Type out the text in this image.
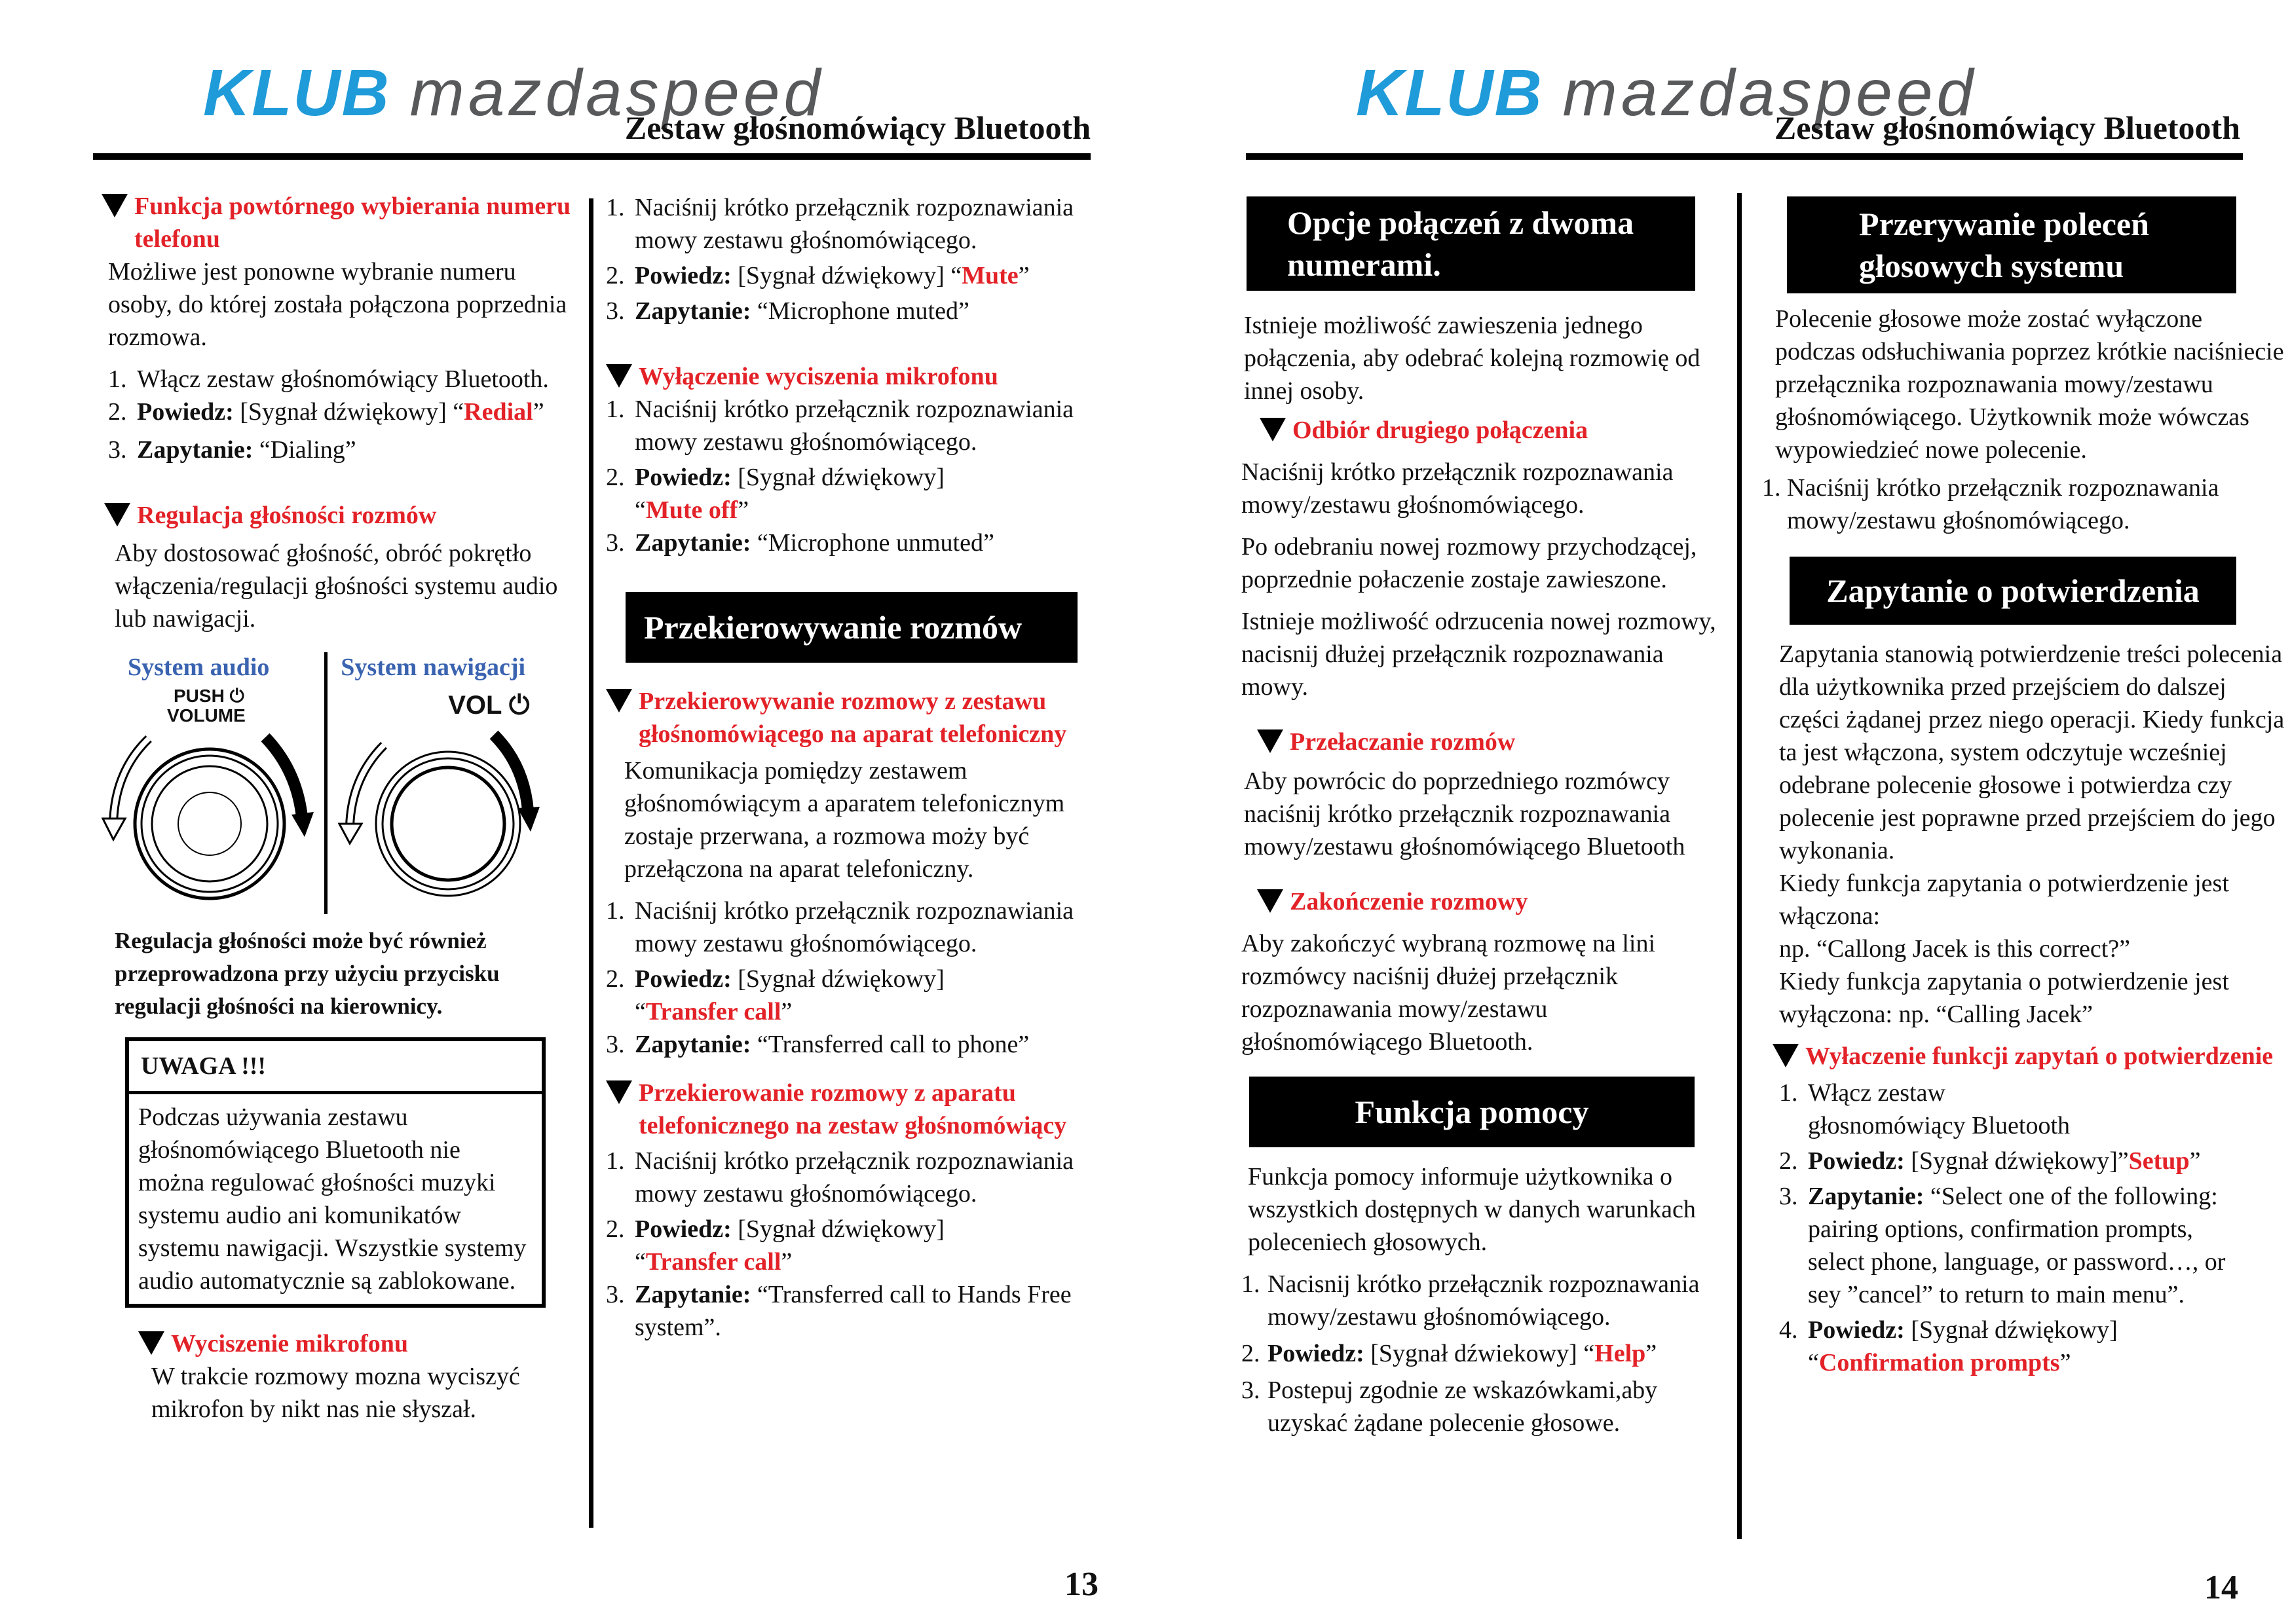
KLUB mazdaspeed
Zestaw głośnomówiący Bluetooth	KLUB mazdaspeed
Zestaw głośnomówiący Bluetooth
Funkcja powtórnego wybierania numeru telefonu

Możliwe jest ponowne wybranie numeru osoby, do której została połączona poprzednia rozmowa.

1. Włącz zestaw głośnomówiący Bluetooth.
2. Powiedz: [Sygnał dźwiękowy] “Redial”
3. Zapytanie: “Dialing”
Regulacja głośności rozmów

Aby dostosować głośność, obróć pokrętło włączenia/regulacji głośności systemu audio lub nawigacji.

System audio
PUSH ⏻
VOLUME
System nawigacji
VOL ⏻
Regulacja głośności może być również przeprowadzona przy użyciu przycisku regulacji głośności na kierownicy.
UWAGA !!!
Podczas używania zestawu głośnomówiącego Bluetooth nie można regulować głośności muzyki systemu audio ani komunikatów systemu nawigacji. Wszystkie systemy audio automatycznie są zablokowane.
Wyciszenie mikrofonu

W trakcie rozmowy mozna wyciszyć mikrofon by nikt nas nie słyszał.

1. Naciśnij krótko przełącznik rozpoznawiania mowy zestawu głośnomówiącego.
2. Powiedz: [Sygnał dźwiękowy] “Mute”
3. Zapytanie: “Microphone muted”
Wyłączenie wyciszenia mikrofonu
1. Naciśnij krótko przełącznik rozpoznawiania mowy zestawu głośnomówiącego.
2. Powiedz: [Sygnał dźwiękowy] “Mute off”
3. Zapytanie: “Microphone unmuted”
Przekierowywanie rozmów
Przekierowywanie rozmowy z zestawu głośnomówiącego na aparat telefoniczny

Komunikacja pomiędzy zestawem głośnomówiącym a aparatem telefonicznym zostaje przerwana, a rozmowa moży być przełączona na aparat telefoniczny.

1. Naciśnij krótko przełącznik rozpoznawiania mowy zestawu głośnomówiącego.
2. Powiedz: [Sygnał dźwiękowy] “Transfer call”
3. Zapytanie: “Transferred call to phone”
Przekierowanie rozmowy z aparatu telefonicznego na zestaw głośnomówiący
1. Naciśnij krótko przełącznik rozpoznawiania mowy zestawu głośnomówiącego.
2. Powiedz: [Sygnał dźwiękowy] “Transfer call”
3. Zapytanie: “Transferred call to Hands Free system”.
13
Opcje połączeń z dwoma numerami.

Istnieje możliwość zawieszenia jednego połączenia, aby odebrać kolejną rozmowię od innej osoby.

Odbiór drugiego połączenia

Naciśnij krótko przełącznik rozpoznawania mowy/zestawu głośnomówiącego.

Po odebraniu nowej rozmowy przychodzącej, poprzednie połaczenie zostaje zawieszone.

Istnieje możliwość odrzucenia nowej rozmowy, nacisnij dłużej przełącznik rozpoznawania mowy.

Przełaczanie rozmów

Aby powrócic do poprzedniego rozmówcy naciśnij krótko przełącznik rozpoznawania mowy/zestawu głośnomówiącego Bluetooth

Zakończenie rozmowy

Aby zakończyć wybraną rozmowę na lini rozmówcy naciśnij dłużej przełącznik rozpoznawania mowy/zestawu głośnomówiącego Bluetooth.

Funkcja pomocy

Funkcja pomocy informuje użytkownika o wszystkich dostępnych w danych warunkach poleceniech głosowych.

1. Nacisnij krótko przełącznik rozpoznawania mowy/zestawu głośnomówiącego.
2. Powiedz: [Sygnał dźwiekowy] “Help”
3. Postepuj zgodnie ze wskazówkami,aby uzyskać żądane polecenie głosowe.
Przerywanie poleceń głosowych systemu

Polecenie głosowe może zostać wyłączone podczas odsłuchiwania poprzez krótkie naciśniecie przełącznika rozpoznawania mowy/zestawu głośnomówiącego. Użytkownik może wówczas wypowiedzieć nowe polecenie.

1. Naciśnij krótko przełącznik rozpoznawania mowy/zestawu głośnomówiącego.
Zapytanie o potwierdzenia

Zapytania stanowią potwierdzenie treści polecenia dla użytkownika przed przejściem do dalszej części żądanej przez niego operacji. Kiedy funkcja ta jest włączona, system odczytuje wcześniej odebrane polecenie głosowe i potwierdza czy polecenie jest poprawne przed przejściem do jego wykonania.

Kiedy funkcja zapytania o potwierdzenie jest włączona:

np. “Callong Jacek is this correct?”

Kiedy funkcja zapytania o potwierdzenie jest wyłączona: np. “Calling Jacek”

Wyłaczenie funkcji zapytań o potwierdzenie
1. Włącz zestaw głosnomówiący Bluetooth
2. Powiedz: [Sygnał dźwiękowy]”Setup”
3. Zapytanie: “Select one of the following: pairing options, confirmation prompts, select phone, language, or password…, or sey ”cancel” to return to main menu”.
4. Powiedz: [Sygnał dźwiękowy] “Confirmation prompts”
14
